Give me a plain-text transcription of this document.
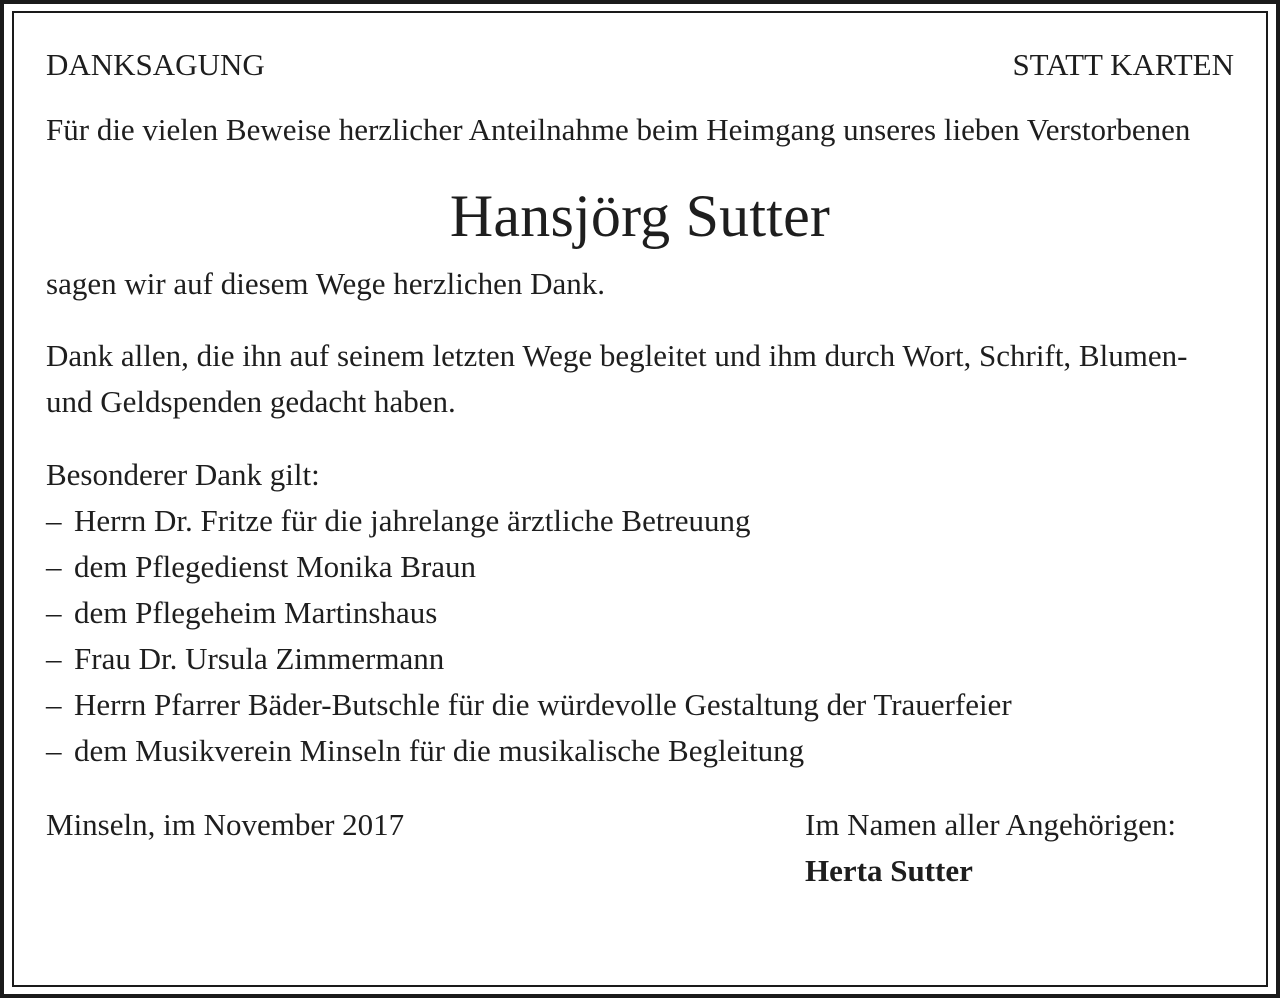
DANKSAGUNG	STATT KARTEN
Für die vielen Beweise herzlicher Anteilnahme beim Heimgang unseres lieben Verstorbenen
Hansjörg Sutter
sagen wir auf diesem Wege herzlichen Dank.
Dank allen, die ihn auf seinem letzten Wege begleitet und ihm durch Wort, Schrift, Blumen- und Geldspenden gedacht haben.
Besonderer Dank gilt:
– Herrn Dr. Fritze für die jahrelange ärztliche Betreuung
– dem Pflegedienst Monika Braun
– dem Pflegeheim Martinshaus
– Frau Dr. Ursula Zimmermann
– Herrn Pfarrer Bäder-Butschle für die würdevolle Gestaltung der Trauerfeier
– dem Musikverein Minseln für die musikalische Begleitung
Minseln, im November 2017	Im Namen aller Angehörigen:
Herta Sutter
